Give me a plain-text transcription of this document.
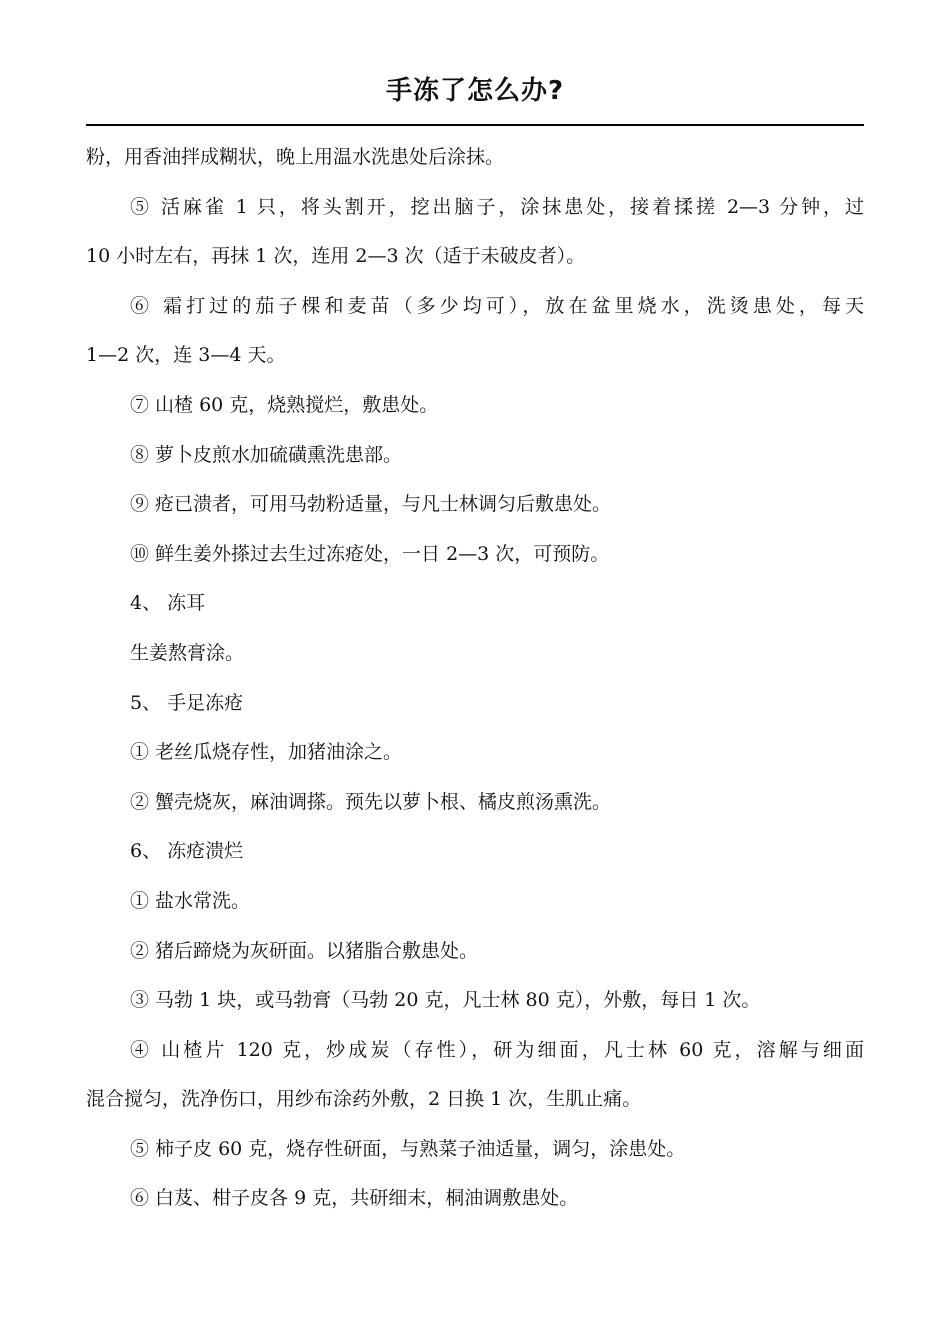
手冻了怎么办?
粉，用香油拌成糊状，晚上用温水洗患处后涂抹。
⑤ 活麻雀 1 只，将头割开，挖出脑子，涂抹患处，接着揉搓 2—3 分钟，过
10 小时左右，再抹 1 次，连用 2—3 次（适于未破皮者）。
⑥ 霜打过的茄子棵和麦苗（多少均可），放在盆里烧水，洗烫患处，每天
1—2 次，连 3—4 天。
⑦ 山楂 60 克，烧熟搅烂，敷患处。
⑧ 萝卜皮煎水加硫磺熏洗患部。
⑨ 疮已溃者，可用马勃粉适量，与凡士林调匀后敷患处。
⑩ 鲜生姜外搽过去生过冻疮处，一日 2—3 次，可预防。
4、 冻耳
生姜熬膏涂。
5、 手足冻疮
① 老丝瓜烧存性，加猪油涂之。
② 蟹壳烧灰，麻油调搽。预先以萝卜根、橘皮煎汤熏洗。
6、 冻疮溃烂
① 盐水常洗。
② 猪后蹄烧为灰研面。以猪脂合敷患处。
③ 马勃 1 块，或马勃膏（马勃 20 克，凡士林 80 克），外敷，每日 1 次。
④ 山楂片 120 克，炒成炭（存性），研为细面，凡士林 60 克，溶解与细面
混合搅匀，洗净伤口，用纱布涂药外敷，2 日换 1 次，生肌止痛。
⑤ 柿子皮 60 克，烧存性研面，与熟菜子油适量，调匀，涂患处。
⑥ 白芨、柑子皮各 9 克，共研细末，桐油调敷患处。
